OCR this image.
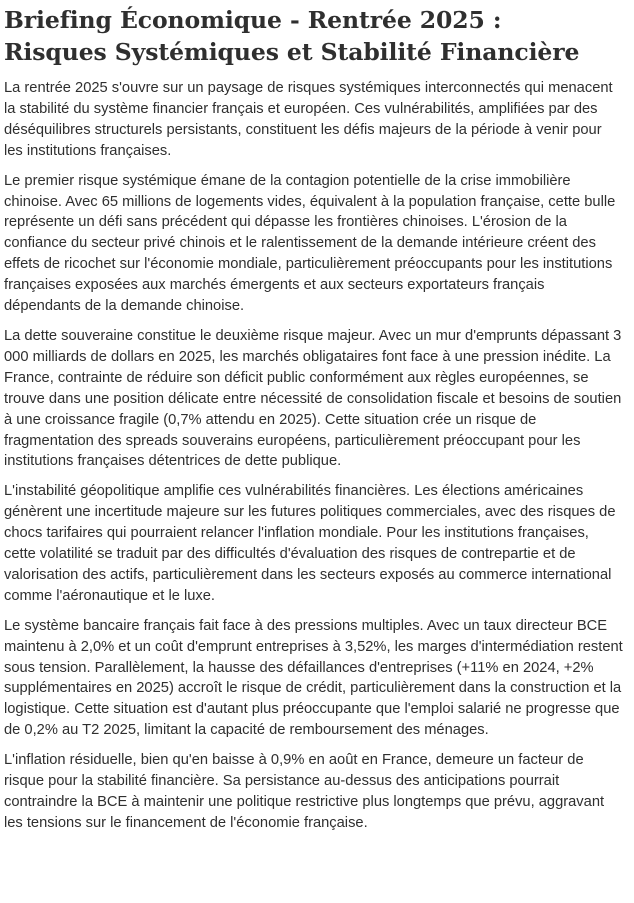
Briefing Économique - Rentrée 2025 :
Risques Systémiques et Stabilité Financière

La rentrée 2025 s'ouvre sur un paysage de risques systémiques interconnectés qui menacent la stabilité du système financier français et européen. Ces vulnérabilités, amplifiées par des déséquilibres structurels persistants, constituent les défis majeurs de la période à venir pour les institutions françaises.

Le premier risque systémique émane de la contagion potentielle de la crise immobilière chinoise. Avec 65 millions de logements vides, équivalent à la population française, cette bulle représente un défi sans précédent qui dépasse les frontières chinoises. L'érosion de la confiance du secteur privé chinois et le ralentissement de la demande intérieure créent des effets de ricochet sur l'économie mondiale, particulièrement préoccupants pour les institutions françaises exposées aux marchés émergents et aux secteurs exportateurs français dépendants de la demande chinoise.

La dette souveraine constitue le deuxième risque majeur. Avec un mur d'emprunts dépassant 3 000 milliards de dollars en 2025, les marchés obligataires font face à une pression inédite. La France, contrainte de réduire son déficit public conformément aux règles européennes, se trouve dans une position délicate entre nécessité de consolidation fiscale et besoins de soutien à une croissance fragile (0,7% attendu en 2025). Cette situation crée un risque de fragmentation des spreads souverains européens, particulièrement préoccupant pour les institutions françaises détentrices de dette publique.

L'instabilité géopolitique amplifie ces vulnérabilités financières. Les élections américaines génèrent une incertitude majeure sur les futures politiques commerciales, avec des risques de chocs tarifaires qui pourraient relancer l'inflation mondiale. Pour les institutions françaises, cette volatilité se traduit par des difficultés d'évaluation des risques de contrepartie et de valorisation des actifs, particulièrement dans les secteurs exposés au commerce international comme l'aéronautique et le luxe.

Le système bancaire français fait face à des pressions multiples. Avec un taux directeur BCE maintenu à 2,0% et un coût d'emprunt entreprises à 3,52%, les marges d'intermédiation restent sous tension. Parallèlement, la hausse des défaillances d'entreprises (+11% en 2024, +2% supplémentaires en 2025) accroît le risque de crédit, particulièrement dans la construction et la logistique. Cette situation est d'autant plus préoccupante que l'emploi salarié ne progresse que de 0,2% au T2 2025, limitant la capacité de remboursement des ménages.

L'inflation résiduelle, bien qu'en baisse à 0,9% en août en France, demeure un facteur de risque pour la stabilité financière. Sa persistance au-dessus des anticipations pourrait contraindre la BCE à maintenir une politique restrictive plus longtemps que prévu, aggravant les tensions sur le financement de l'économie française.
